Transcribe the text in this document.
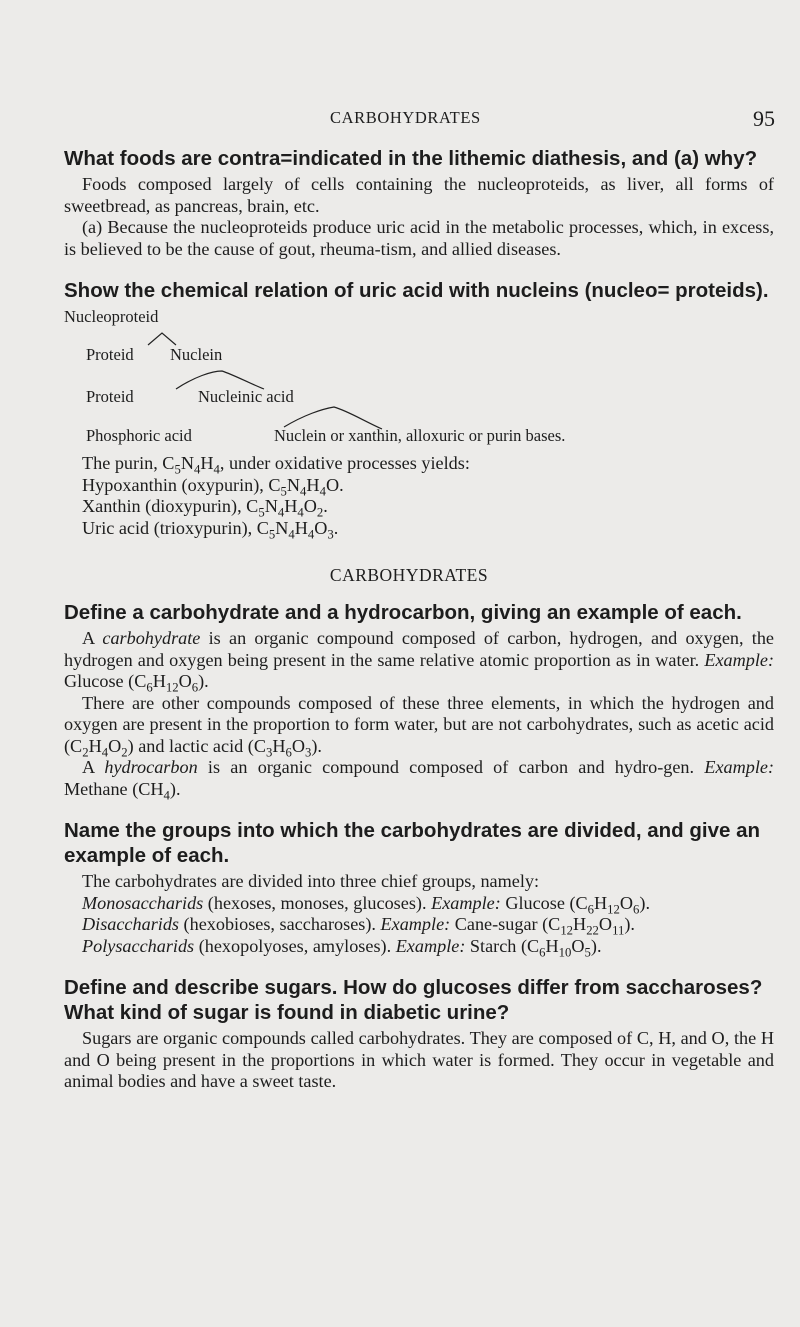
CARBOHYDRATES	95

What foods are contra=indicated in the lithemic diathesis, and (a) why?

Foods composed largely of cells containing the nucleoproteids, as liver, all forms of sweetbread, as pancreas, brain, etc.

(a) Because the nucleoproteids produce uric acid in the metabolic processes, which, in excess, is believed to be the cause of gout, rheuma-tism, and allied diseases.

Show the chemical relation of uric acid with nucleins (nucleo= proteids).

Nucleoproteid
Proteid Nuclein
Proteid	Nucleinic acid
Phosphoric acid	Nuclein or xanthin, alloxuric or purin bases.

The purin, $C_5N_4H_4$, under oxidative processes yields:

Hypoxanthin (oxypurin), $C_5N_4H_4O$.

Xanthin (dioxypurin), $C_5N_4H_4O_2$.

Uric acid (trioxypurin), $C_5N_4H_4O_3$.

CARBOHYDRATES

Define a carbohydrate and a hydrocarbon, giving an example of each.

A carbohydrate is an organic compound composed of carbon, hydrogen, and oxygen, the hydrogen and oxygen being present in the same relative atomic proportion as in water. Example: Glucose $(C_6H_{12}O_6)$.

There are other compounds composed of these three elements, in which the hydrogen and oxygen are present in the proportion to form water, but are not carbohydrates, such as acetic acid $(C_2H_4O_2)$ and lactic acid $(C_3H_6O_3)$.

A hydrocarbon is an organic compound composed of carbon and hydro-gen. Example: Methane $(CH_4)$.

Name the groups into which the carbohydrates are divided, and give an example of each.

The carbohydrates are divided into three chief groups, namely:

Monosaccharids (hexoses, monoses, glucoses). Example: Glucose $(C_6H_{12}O_6)$.

Disaccharids (hexobioses, saccharoses). Example: Cane-sugar $(C_{12}H_{22}O_{11})$.

Polysaccharids (hexopolyoses, amyloses). Example: Starch $(C_6H_{10}O_5)$.

Define and describe sugars. How do glucoses differ from saccharoses? What kind of sugar is found in diabetic urine?

Sugars are organic compounds called carbohydrates. They are composed of C, H, and O, the H and O being present in the proportions in which water is formed. They occur in vegetable and animal bodies and have a sweet taste.
